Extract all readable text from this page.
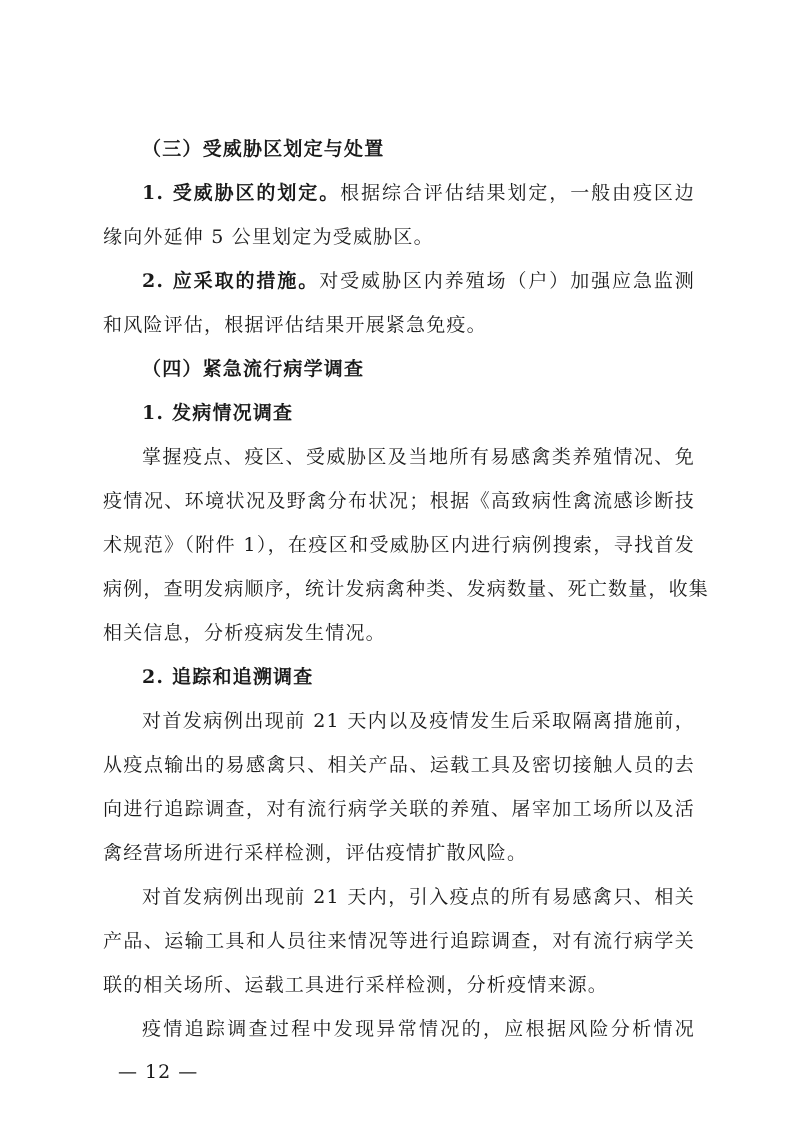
（三）受威胁区划定与处置
1. 受威胁区的划定。根据综合评估结果划定，一般由疫区边
缘向外延伸 5 公里划定为受威胁区。
2. 应采取的措施。对受威胁区内养殖场（户）加强应急监测
和风险评估，根据评估结果开展紧急免疫。
（四）紧急流行病学调查
1. 发病情况调查
掌握疫点、疫区、受威胁区及当地所有易感禽类养殖情况、免
疫情况、环境状况及野禽分布状况；根据《高致病性禽流感诊断技
术规范》（附件 1），在疫区和受威胁区内进行病例搜索，寻找首发
病例，查明发病顺序，统计发病禽种类、发病数量、死亡数量，收集
相关信息，分析疫病发生情况。
2. 追踪和追溯调查
对首发病例出现前 21 天内以及疫情发生后采取隔离措施前，
从疫点输出的易感禽只、相关产品、运载工具及密切接触人员的去
向进行追踪调查，对有流行病学关联的养殖、屠宰加工场所以及活
禽经营场所进行采样检测，评估疫情扩散风险。
对首发病例出现前 21 天内，引入疫点的所有易感禽只、相关
产品、运输工具和人员往来情况等进行追踪调查，对有流行病学关
联的相关场所、运载工具进行采样检测，分析疫情来源。
疫情追踪调查过程中发现异常情况的，应根据风险分析情况
— 12 —
